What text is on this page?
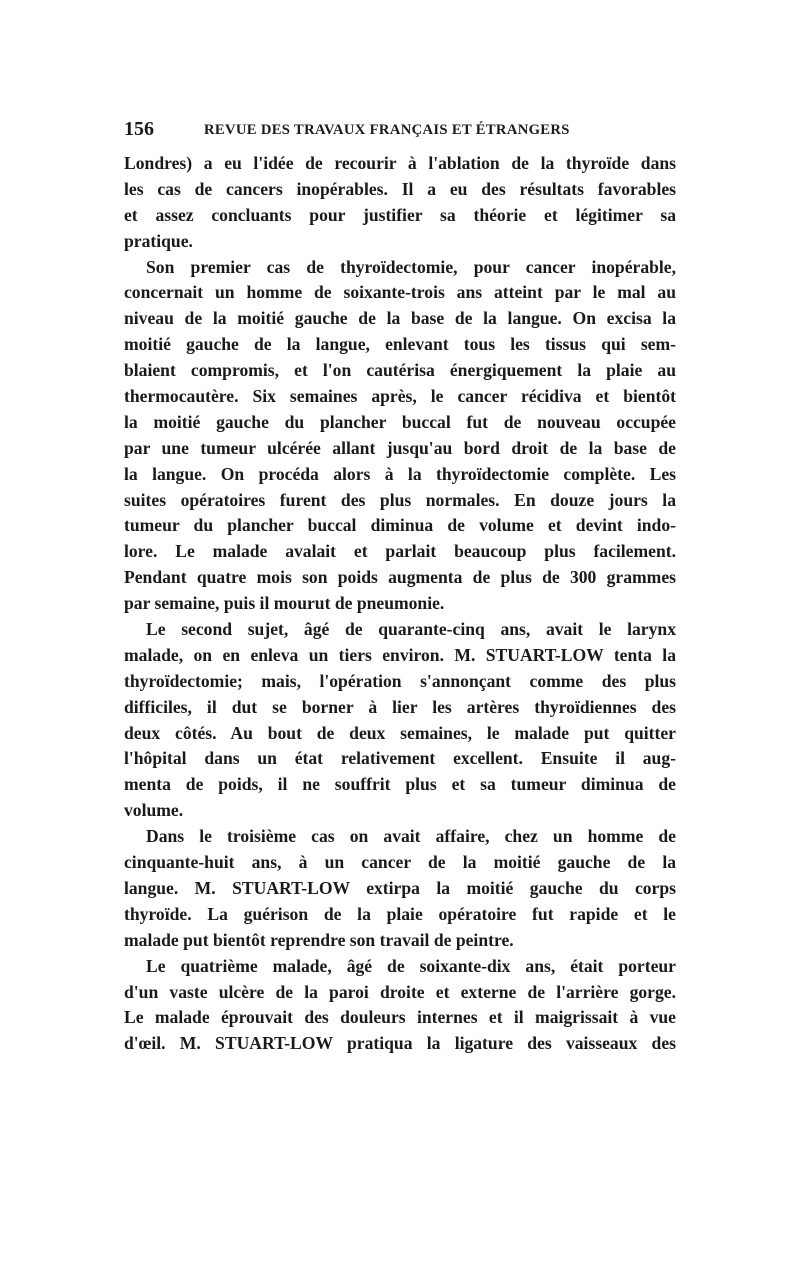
156	REVUE DES TRAVAUX FRANÇAIS ET ÉTRANGERS
Londres) a eu l'idée de recourir à l'ablation de la thyroïde dans
les cas de cancers inopérables. Il a eu des résultats favorables
et assez concluants pour justifier sa théorie et légitimer sa
pratique.
Son premier cas de thyroïdectomie, pour cancer inopérable,
concernait un homme de soixante-trois ans atteint par le mal au
niveau de la moitié gauche de la base de la langue. On excisa la
moitié gauche de la langue, enlevant tous les tissus qui sem-
blaient compromis, et l'on cautérisa énergiquement la plaie au
thermocautère. Six semaines après, le cancer récidiva et bientôt
la moitié gauche du plancher buccal fut de nouveau occupée
par une tumeur ulcérée allant jusqu'au bord droit de la base de
la langue. On procéda alors à la thyroïdectomie complète. Les
suites opératoires furent des plus normales. En douze jours la
tumeur du plancher buccal diminua de volume et devint indo-
lore. Le malade avalait et parlait beaucoup plus facilement.
Pendant quatre mois son poids augmenta de plus de 300 grammes
par semaine, puis il mourut de pneumonie.
Le second sujet, âgé de quarante-cinq ans, avait le larynx
malade, on en enleva un tiers environ. M. STUART-LOW tenta la
thyroïdectomie; mais, l'opération s'annonçant comme des plus
difficiles, il dut se borner à lier les artères thyroïdiennes des
deux côtés. Au bout de deux semaines, le malade put quitter
l'hôpital dans un état relativement excellent. Ensuite il aug-
menta de poids, il ne souffrit plus et sa tumeur diminua de
volume.
Dans le troisième cas on avait affaire, chez un homme de
cinquante-huit ans, à un cancer de la moitié gauche de la
langue. M. STUART-LOW extirpa la moitié gauche du corps
thyroïde. La guérison de la plaie opératoire fut rapide et le
malade put bientôt reprendre son travail de peintre.
Le quatrième malade, âgé de soixante-dix ans, était porteur
d'un vaste ulcère de la paroi droite et externe de l'arrière gorge.
Le malade éprouvait des douleurs internes et il maigrissait à vue
d'œil. M. STUART-LOW pratiqua la ligature des vaisseaux des
